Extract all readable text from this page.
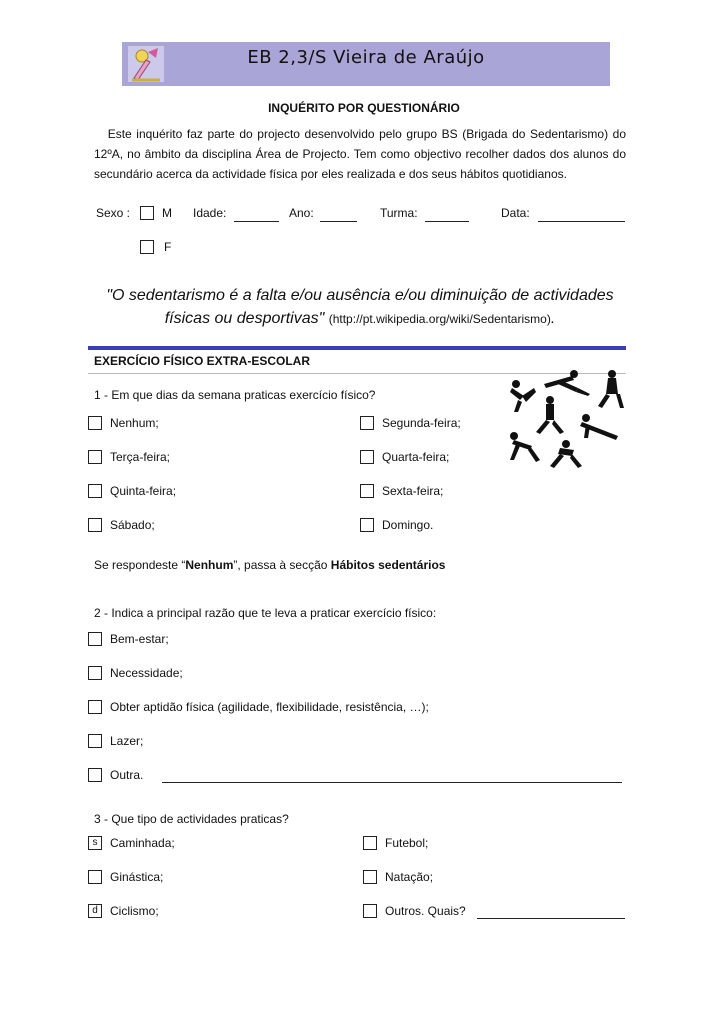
EB 2,3/S Vieira de Araújo
INQUÉRITO POR QUESTIONÁRIO
Este inquérito faz parte do projecto desenvolvido pelo grupo BS (Brigada do Sedentarismo) do 12ºA, no âmbito da disciplina Área de Projecto. Tem como objectivo recolher dados dos alunos do secundário acerca da actividade física por eles realizada e dos seus hábitos quotidianos.
Sexo :	M Idade:	Ano:	Turma:	Data:
F
"O sedentarismo é a falta e/ou ausência e/ou diminuição de actividades físicas ou desportivas" (http://pt.wikipedia.org/wiki/Sedentarismo).
EXERCÍCIO FÍSICO EXTRA-ESCOLAR
1 - Em que dias da semana praticas exercício físico?
Nenhum;	Segunda-feira;
Terça-feira;	Quarta-feira;
Quinta-feira;	Sexta-feira;
Sábado;	Domingo.
Se respondeste “Nenhum”, passa à secção Hábitos sedentários
2 - Indica a principal razão que te leva a praticar exercício físico:
Bem-estar;
Necessidade;
Obter aptidão física (agilidade, flexibilidade, resistência, …);
Lazer;
Outra.
3 - Que tipo de actividades praticas?
s	Caminhada;	Futebol;
Ginástica;	Natação;
d	Ciclismo;	Outros. Quais?
